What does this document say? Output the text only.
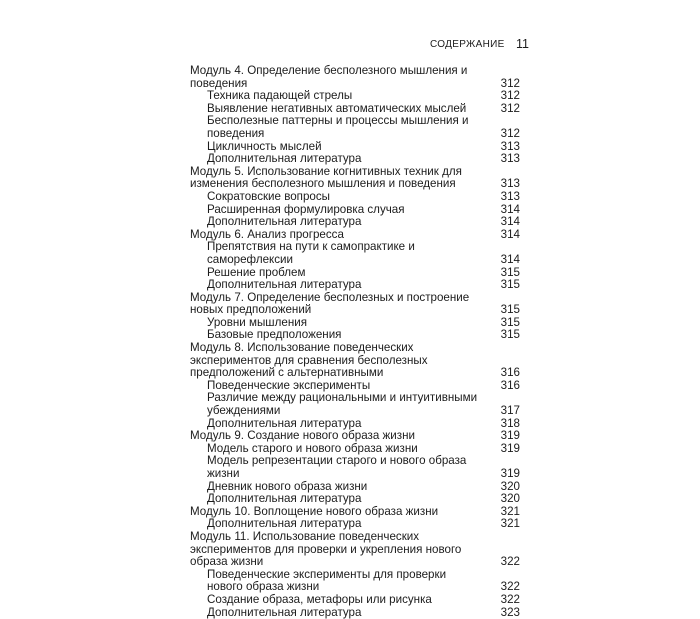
СОДЕРЖАНИЕ 11
Модуль 4. Определение бесполезного мышления и поведения	312
Техника падающей стрелы	312
Выявление негативных автоматических мыслей	312
Бесполезные паттерны и процессы мышления и поведения	312
Цикличность мыслей	313
Дополнительная литература	313
Модуль 5. Использование когнитивных техник для изменения бесполезного мышления и поведения	313
Сократовские вопросы	313
Расширенная формулировка случая	314
Дополнительная литература	314
Модуль 6. Анализ прогресса	314
Препятствия на пути к самопрактике и саморефлексии	314
Решение проблем	315
Дополнительная литература	315
Модуль 7. Определение бесполезных и построение новых предположений	315
Уровни мышления	315
Базовые предположения	315
Модуль 8. Использование поведенческих экспериментов для сравнения бесполезных предположений с альтернативными	316
Поведенческие эксперименты	316
Различие между рациональными и интуитивными убеждениями	317
Дополнительная литература	318
Модуль 9. Создание нового образа жизни	319
Модель старого и нового образа жизни	319
Модель репрезентации старого и нового образа жизни	319
Дневник нового образа жизни	320
Дополнительная литература	320
Модуль 10. Воплощение нового образа жизни	321
Дополнительная литература	321
Модуль 11. Использование поведенческих экспериментов для проверки и укрепления нового образа жизни	322
Поведенческие эксперименты для проверки нового образа жизни	322
Создание образа, метафоры или рисунка	322
Дополнительная литература	323
